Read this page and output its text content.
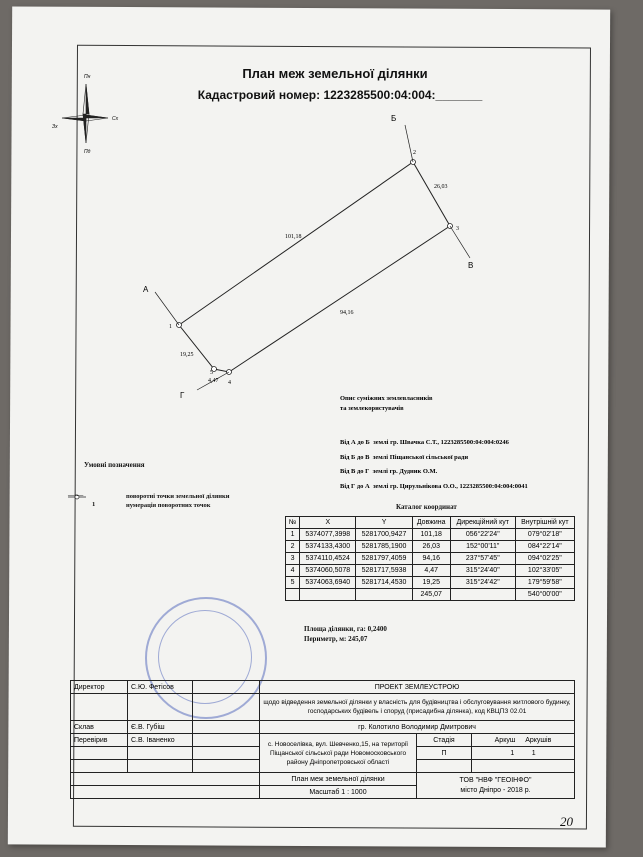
План меж земельної ділянки
Кадастровий номер: 1223285500:04:004:_______
Пн
Пд
Сх
Зх
А
Б
В
Г
1
2
3
4
5
101,18
26,03
94,16
19,25
4,47
Опис суміжних землевласників
та землекористувачів
Від А до Б землі гр. Швачка С.Т., 1223285500:04:004:0246
Від Б до В землі Піщанської сільської ради
Від В до Г землі гр. Дудник О.М.
Від Г до А землі гр. Цирульнікова О.О., 1223285500:04:004:0041
Умовні позначення
—◦—	поворотні точки земельної ділянки
1	нумерація поворотних точок	Каталог координат
№	X	Y	Довжина	Дирекційний кут	Внутрішній кут
1	5374077,3998	5281700,9427	101,18	056°22'24"	079°02'18"
2	5374133,4300	5281785,1900	26,03	152°00'11"	084°22'14"
3	5374110,4524	5281797,4059	94,16	237°57'45"	094°02'25"
4	5374060,5078	5281717,5938	4,47	315°24'40"	102°33'05"
5	5374063,6940	5281714,4530	19,25	315°24'42"	179°59'58"
			245,07		540°00'00"
Площа ділянки, га: 0,2400
Периметр, м: 245,07
Директор	С.Ю. Фетісов		ПРОЕКТ ЗЕМЛЕУСТРОЮ		
			щодо відведення земельної ділянки у власність для будівництва і обслуговування житлового будинку, господарських будівель і споруд (присадибна ділянка), код КВЦПЗ 02.01		

Склав	Є.В. Губіш		гр. Колотило Володимир Дмитрович		
Перевірив	С.В. Іваненко		с. Новоселівка, вул. Шевченко,15, на території Піщанської сільської ради Новомосковського району Дніпропетровської області	Стадія	Аркуш Аркушів
				П	1 1

			План меж земельної ділянки	ТОВ "НВФ "ГЕОІНФО"
місто Дніпро - 2018 р.	

			Масштаб 1 : 1000		
20
